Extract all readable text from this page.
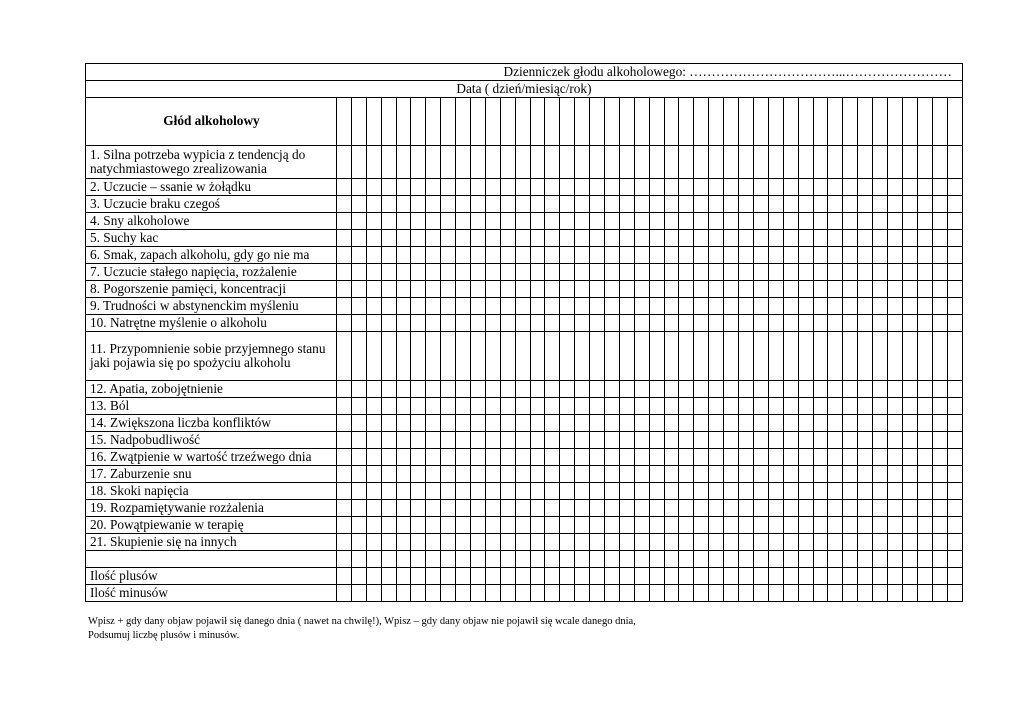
Dzienniczek głodu alkoholowego: ……………………………...……………………																																										
Data ( dzień/miesiąc/rok)																																										
Głód alkoholowy																																										
1. Silna potrzeba wypicia z tendencją do natychmiastowego zrealizowania																																										
2. Uczucie – ssanie w żołądku																																										
3. Uczucie braku czegoś																																										
4. Sny alkoholowe																																										
5. Suchy kac																																										
6. Smak, zapach alkoholu, gdy go nie ma																																										
7. Uczucie stałego napięcia, rozżalenie																																										
8. Pogorszenie pamięci, koncentracji																																										
9. Trudności w abstynenckim myśleniu																																										
10. Natrętne myślenie o alkoholu																																										
11. Przypomnienie sobie przyjemnego stanu jaki pojawia się po spożyciu alkoholu																																										
12. Apatia, zobojętnienie																																										
13. Ból																																										
14. Zwiększona liczba konfliktów																																										
15. Nadpobudliwość																																										
16. Zwątpienie w wartość trzeźwego dnia																																										
17. Zaburzenie snu																																										
18. Skoki napięcia																																										
19. Rozpamiętywanie rozżalenia																																										
20. Powątpiewanie w terapię																																										
21. Skupienie się na innych																																										

Ilość plusów																																										
Ilość minusów																																										
Wpisz + gdy dany objaw pojawił się danego dnia ( nawet na chwilę!), Wpisz – gdy dany objaw nie pojawił się wcale danego dnia,
Podsumuj liczbę plusów i minusów.
